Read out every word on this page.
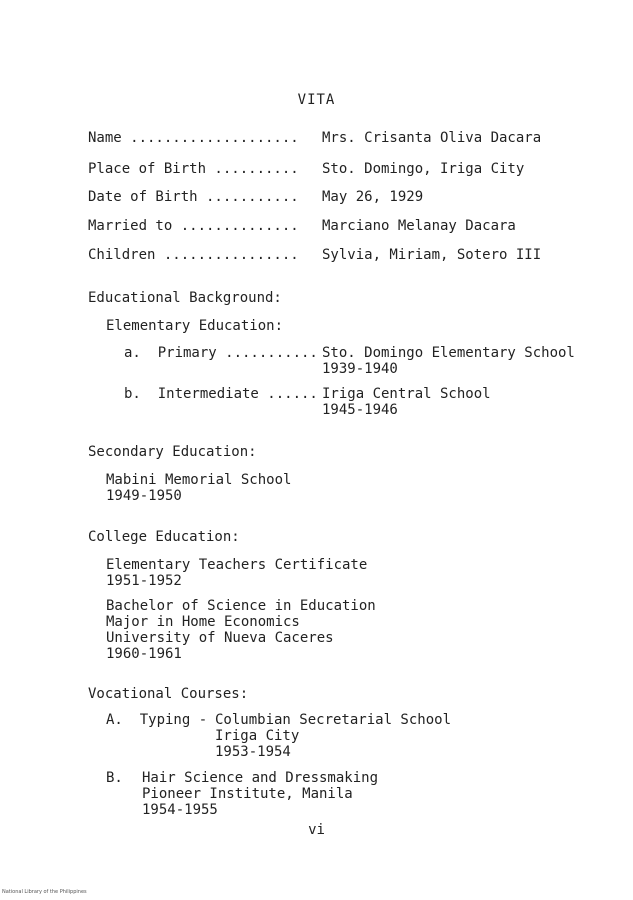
VITA
Name .................... Mrs. Crisanta Oliva Dacara
Place of Birth .......... Sto. Domingo, Iriga City
Date of Birth ........... May 26, 1929
Married to .............. Marciano Melanay Dacara
Children ................ Sylvia, Miriam, Sotero III
Educational Background:
Elementary Education:
a.  Primary ........... Sto. Domingo Elementary School
1939-1940
b.  Intermediate ...... Iriga Central School
1945-1946
Secondary Education:
Mabini Memorial School
1949-1950
College Education:
Elementary Teachers Certificate
1951-1952
Bachelor of Science in Education
Major in Home Economics
University of Nueva Caceres
1960-1961
Vocational Courses:
A.  Typing - Columbian Secretarial School
Iriga City
1953-1954
B. Hair Science and Dressmaking
Pioneer Institute, Manila
1954-1955
vi
National Library of the Philippines
